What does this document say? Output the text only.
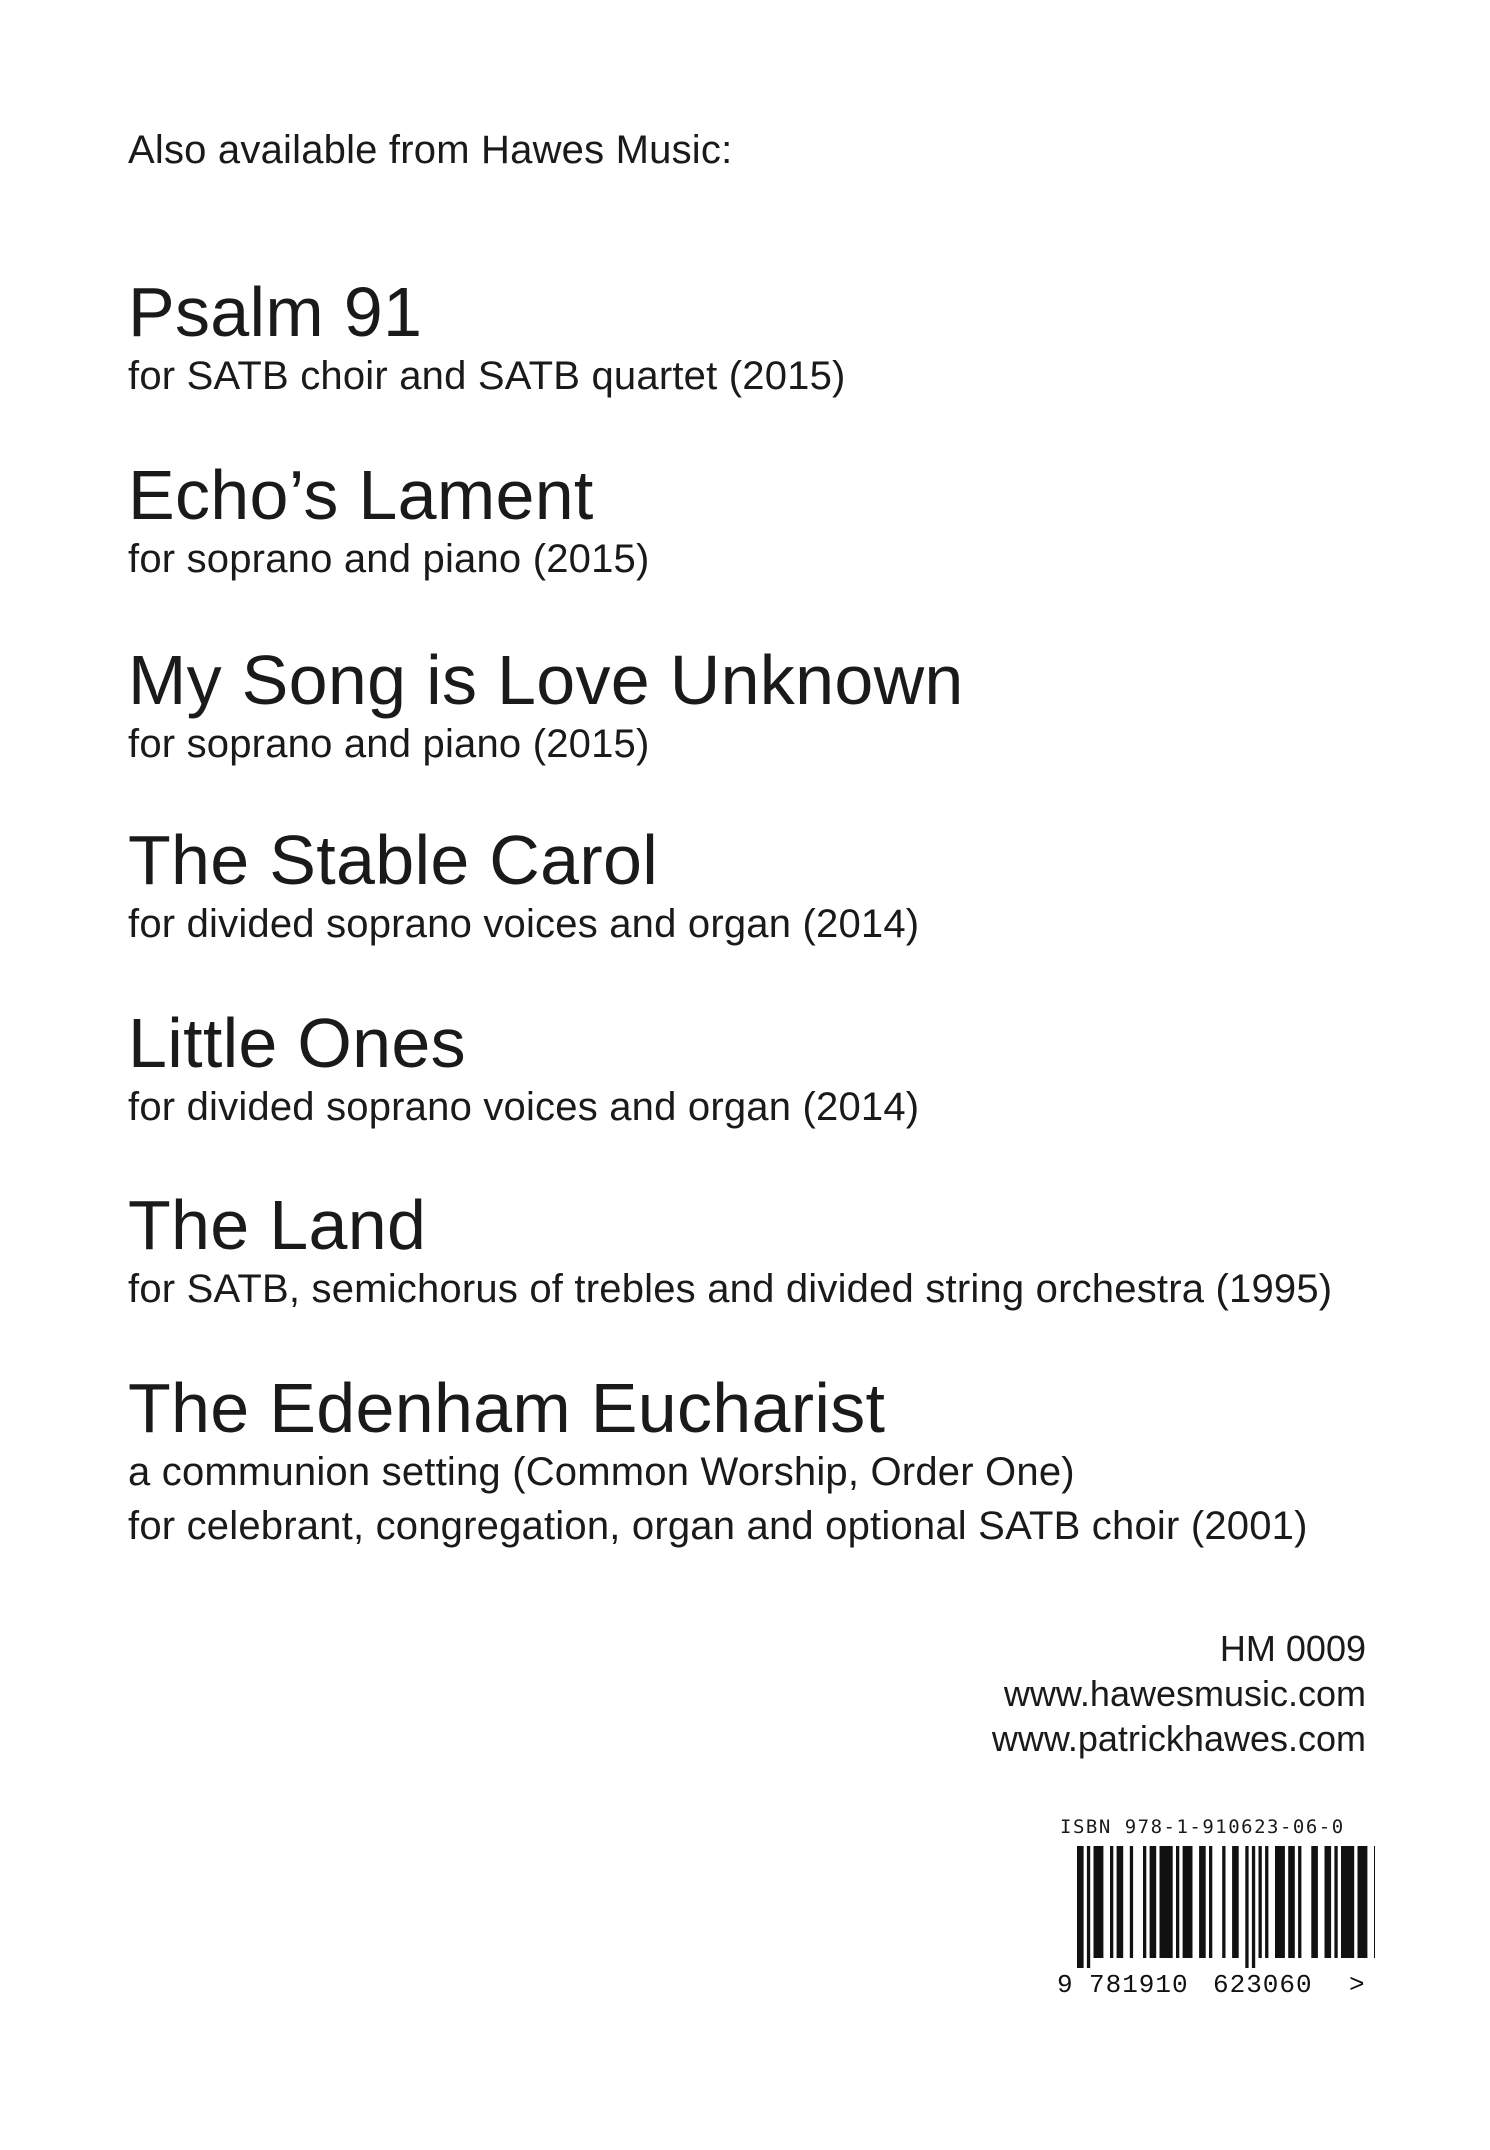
Also available from Hawes Music:
Psalm 91
for SATB choir and SATB quartet (2015)
Echo’s Lament
for soprano and piano (2015)
My Song is Love Unknown
for soprano and piano (2015)
The Stable Carol
for divided soprano voices and organ (2014)
Little Ones
for divided soprano voices and organ (2014)
The Land
for SATB, semichorus of trebles and divided string orchestra (1995)
The Edenham Eucharist
a communion setting (Common Worship, Order One)
for celebrant, congregation, organ and optional SATB choir (2001)
HM 0009
www.hawesmusic.com
www.patrickhawes.com
ISBN 978-1-910623-06-0
9 781910 623060 >
